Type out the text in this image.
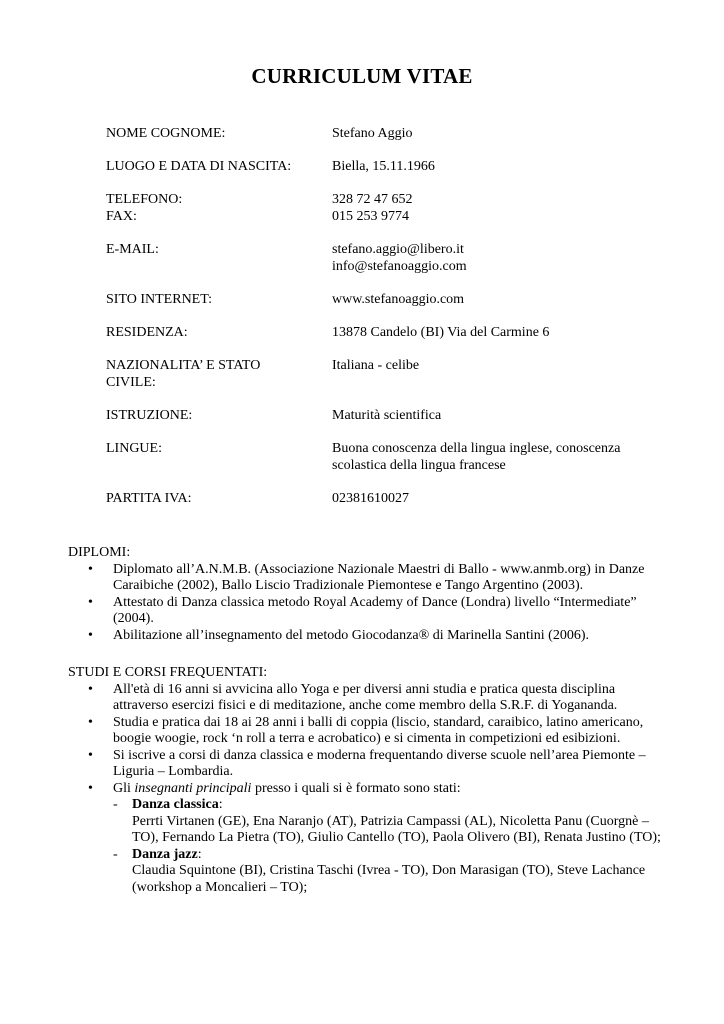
CURRICULUM VITAE
NOME COGNOME:	Stefano Aggio
LUOGO E DATA DI NASCITA:	Biella, 15.11.1966
TELEFONO:	328 72 47 652
FAX:	015 253 9774
E-MAIL:	stefano.aggio@libero.it
info@stefanoaggio.com
SITO INTERNET:	www.stefanoaggio.com
RESIDENZA:	13878 Candelo (BI) Via del Carmine 6
NAZIONALITA’ E STATO CIVILE:
Italiana - celibe
ISTRUZIONE:	Maturità scientifica
LINGUE:	Buona conoscenza della lingua inglese, conoscenza scolastica della lingua francese
PARTITA IVA:	02381610027

DIPLOMI:

• Diplomato all’A.N.M.B. (Associazione Nazionale Maestri di Ballo - www.anmb.org) in Danze Caraibiche (2002), Ballo Liscio Tradizionale Piemontese e Tango Argentino (2003).
• Attestato di Danza classica metodo Royal Academy of Dance (Londra) livello “Intermediate” (2004).
• Abilitazione all’insegnamento del metodo Giocodanza® di Marinella Santini (2006).

STUDI E CORSI FREQUENTATI:

• All'età di 16 anni si avvicina allo Yoga e per diversi anni studia e pratica questa disciplina attraverso esercizi fisici e di meditazione, anche come membro della S.R.F. di Yogananda.
• Studia e pratica dai 18 ai 28 anni i balli di coppia (liscio, standard, caraibico, latino americano, boogie woogie, rock ‘n roll a terra e acrobatico) e si cimenta in competizioni ed esibizioni.
• Si iscrive a corsi di danza classica e moderna frequentando diverse scuole nell’area Piemonte – Liguria – Lombardia.
• Gli insegnanti principali presso i quali si è formato sono stati:
- Danza classica:
Perrti Virtanen (GE), Ena Naranjo (AT), Patrizia Campassi (AL), Nicoletta Panu (Cuorgnè – TO), Fernando La Pietra (TO), Giulio Cantello (TO), Paola Olivero (BI), Renata Justino (TO);
- Danza jazz:
Claudia Squintone (BI), Cristina Taschi (Ivrea - TO), Don Marasigan (TO), Steve Lachance (workshop a Moncalieri – TO);
